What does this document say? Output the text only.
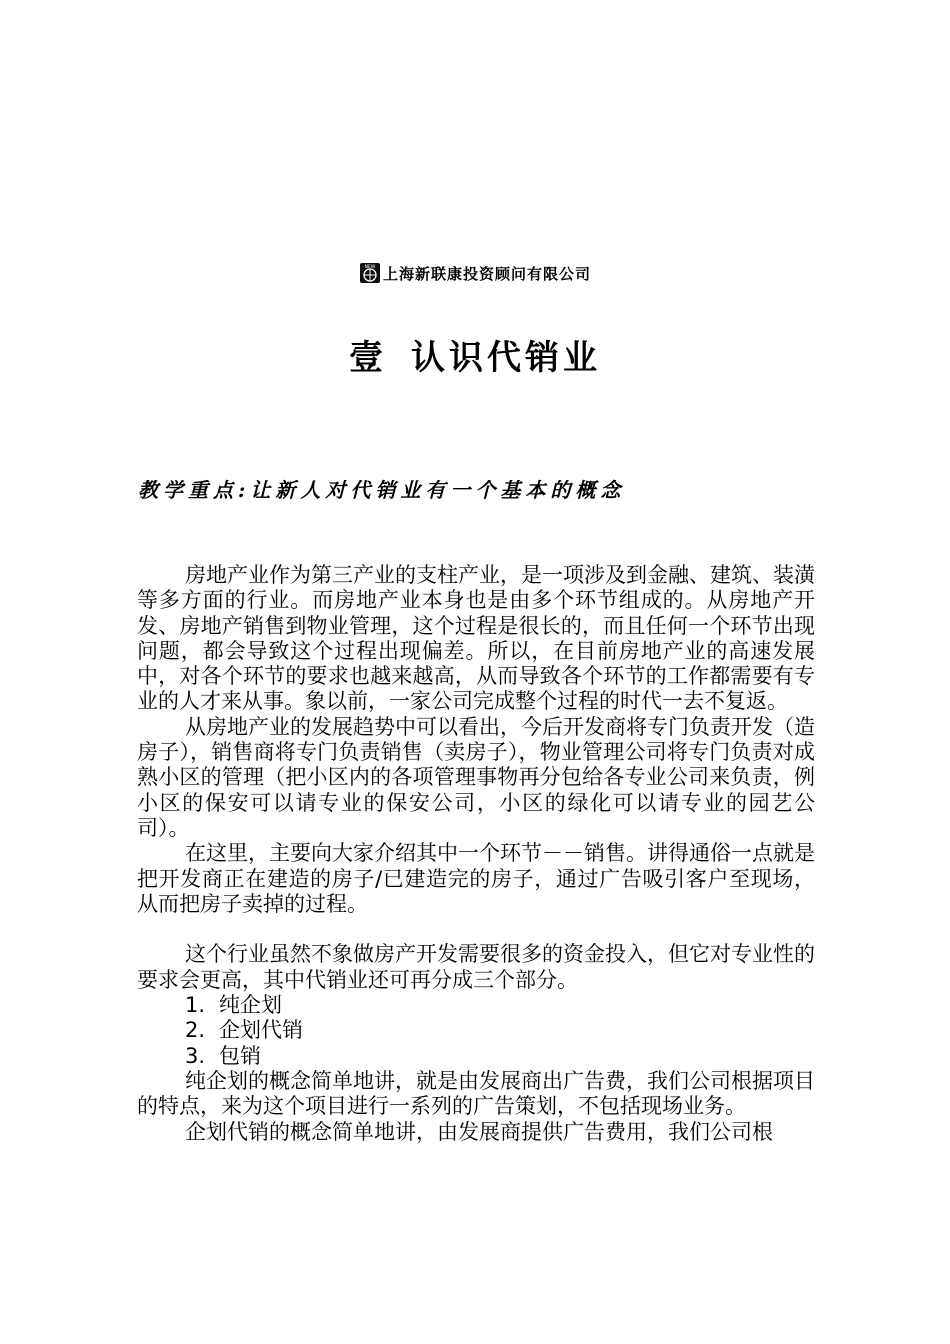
NEW 上海新联康投资顾问有限公司
壹 认识代销业
教学重点:让新人对代销业有一个基本的概念

房地产业作为第三产业的支柱产业，是一项涉及到金融、建筑、装潢等多方面的行业。而房地产业本身也是由多个环节组成的。从房地产开发、房地产销售到物业管理，这个过程是很长的，而且任何一个环节出现问题，都会导致这个过程出现偏差。所以，在目前房地产业的高速发展中，对各个环节的要求也越来越高，从而导致各个环节的工作都需要有专业的人才来从事。象以前，一家公司完成整个过程的时代一去不复返。

从房地产业的发展趋势中可以看出，今后开发商将专门负责开发（造房子），销售商将专门负责销售（卖房子），物业管理公司将专门负责对成熟小区的管理（把小区内的各项管理事物再分包给各专业公司来负责，例小区的保安可以请专业的保安公司，小区的绿化可以请专业的园艺公司）。

在这里，主要向大家介绍其中一个环节－－销售。讲得通俗一点就是把开发商正在建造的房子/已建造完的房子，通过广告吸引客户至现场，从而把房子卖掉的过程。

这个行业虽然不象做房产开发需要很多的资金投入，但它对专业性的要求会更高，其中代销业还可再分成三个部分。

1. 纯企划

2. 企划代销

3. 包销

纯企划的概念简单地讲，就是由发展商出广告费，我们公司根据项目的特点，来为这个项目进行一系列的广告策划，不包括现场业务。

企划代销的概念简单地讲，由发展商提供广告费用，我们公司根
